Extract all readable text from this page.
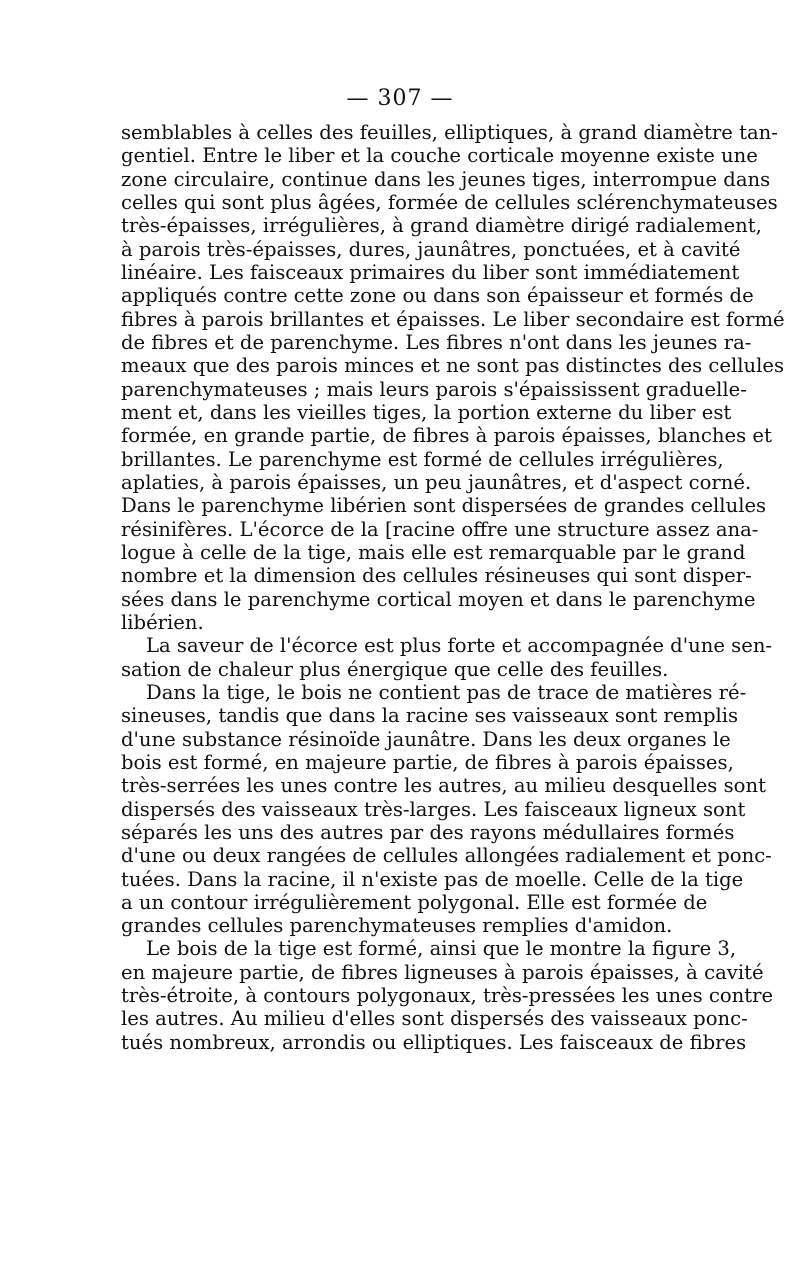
— 307 —
semblables à celles des feuilles, elliptiques, à grand diamètre tan-
gentiel. Entre le liber et la couche corticale moyenne existe une
zone circulaire, continue dans les jeunes tiges, interrompue dans
celles qui sont plus âgées, formée de cellules sclérenchymateuses
très-épaisses, irrégulières, à grand diamètre dirigé radialement,
à parois très-épaisses, dures, jaunâtres, ponctuées, et à cavité
linéaire. Les faisceaux primaires du liber sont immédiatement
appliqués contre cette zone ou dans son épaisseur et formés de
fibres à parois brillantes et épaisses. Le liber secondaire est formé
de fibres et de parenchyme. Les fibres n'ont dans les jeunes ra-
meaux que des parois minces et ne sont pas distinctes des cellules
parenchymateuses ; mais leurs parois s'épaississent graduelle-
ment et, dans les vieilles tiges, la portion externe du liber est
formée, en grande partie, de fibres à parois épaisses, blanches et
brillantes. Le parenchyme est formé de cellules irrégulières,
aplaties, à parois épaisses, un peu jaunâtres, et d'aspect corné.
Dans le parenchyme libérien sont dispersées de grandes cellules
résinifères. L'écorce de la [racine offre une structure assez ana-
logue à celle de la tige, mais elle est remarquable par le grand
nombre et la dimension des cellules résineuses qui sont disper-
sées dans le parenchyme cortical moyen et dans le parenchyme
libérien.
La saveur de l'écorce est plus forte et accompagnée d'une sen-
sation de chaleur plus énergique que celle des feuilles.
Dans la tige, le bois ne contient pas de trace de matières ré-
sineuses, tandis que dans la racine ses vaisseaux sont remplis
d'une substance résinoïde jaunâtre. Dans les deux organes le
bois est formé, en majeure partie, de fibres à parois épaisses,
très-serrées les unes contre les autres, au milieu desquelles sont
dispersés des vaisseaux très-larges. Les faisceaux ligneux sont
séparés les uns des autres par des rayons médullaires formés
d'une ou deux rangées de cellules allongées radialement et ponc-
tuées. Dans la racine, il n'existe pas de moelle. Celle de la tige
a un contour irrégulièrement polygonal. Elle est formée de
grandes cellules parenchymateuses remplies d'amidon.
Le bois de la tige est formé, ainsi que le montre la figure 3,
en majeure partie, de fibres ligneuses à parois épaisses, à cavité
très-étroite, à contours polygonaux, très-pressées les unes contre
les autres. Au milieu d'elles sont dispersés des vaisseaux ponc-
tués nombreux, arrondis ou elliptiques. Les faisceaux de fibres
